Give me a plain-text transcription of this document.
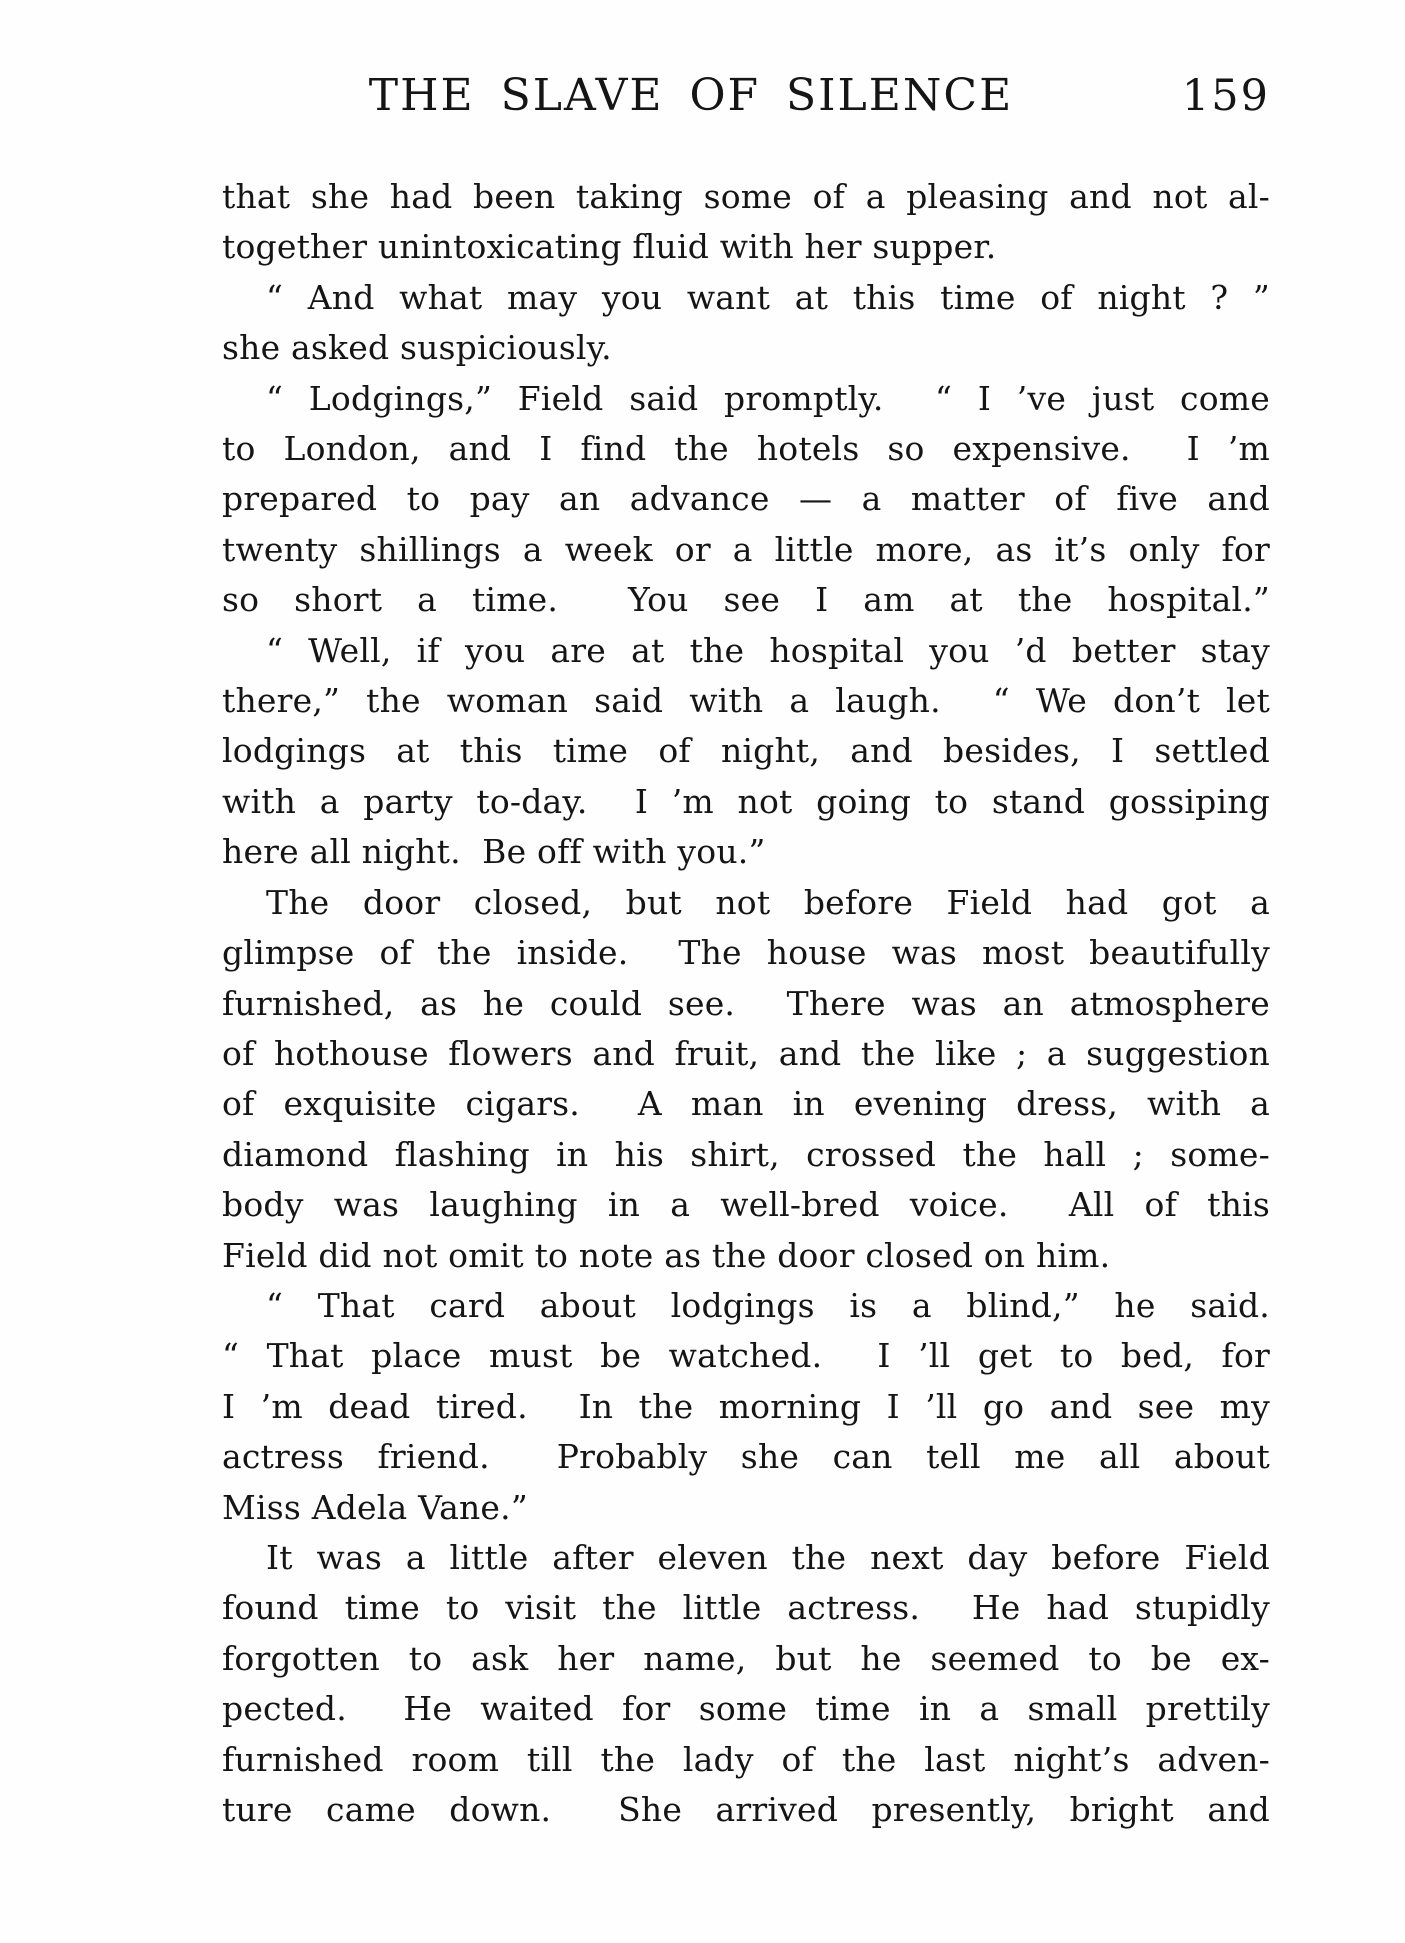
THE SLAVE OF SILENCE	159
that she had been taking some of a pleasing and not al-
together unintoxicating fluid with her supper.
“ And what may you want at this time of night ? ”
she asked suspiciously.
“ Lodgings,” Field said promptly.  “ I ’ve just come
to London, and I find the hotels so expensive.  I ’m
prepared to pay an advance — a matter of five and
twenty shillings a week or a little more, as it’s only for
so short a time.  You see I am at the hospital.”
“ Well, if you are at the hospital you ’d better stay
there,” the woman said with a laugh.  “ We don’t let
lodgings at this time of night, and besides, I settled
with a party to-day.  I ’m not going to stand gossiping
here all night.  Be off with you.”
The door closed, but not before Field had got a
glimpse of the inside.  The house was most beautifully
furnished, as he could see.  There was an atmosphere
of hothouse flowers and fruit, and the like ; a suggestion
of exquisite cigars.  A man in evening dress, with a
diamond flashing in his shirt, crossed the hall ; some-
body was laughing in a well-bred voice.  All of this
Field did not omit to note as the door closed on him.
“ That card about lodgings is a blind,” he said.
“ That place must be watched.  I ’ll get to bed, for
I ’m dead tired.  In the morning I ’ll go and see my
actress friend.  Probably she can tell me all about
Miss Adela Vane.”
It was a little after eleven the next day before Field
found time to visit the little actress.  He had stupidly
forgotten to ask her name, but he seemed to be ex-
pected.  He waited for some time in a small prettily
furnished room till the lady of the last night’s adven-
ture came down.  She arrived presently, bright and
